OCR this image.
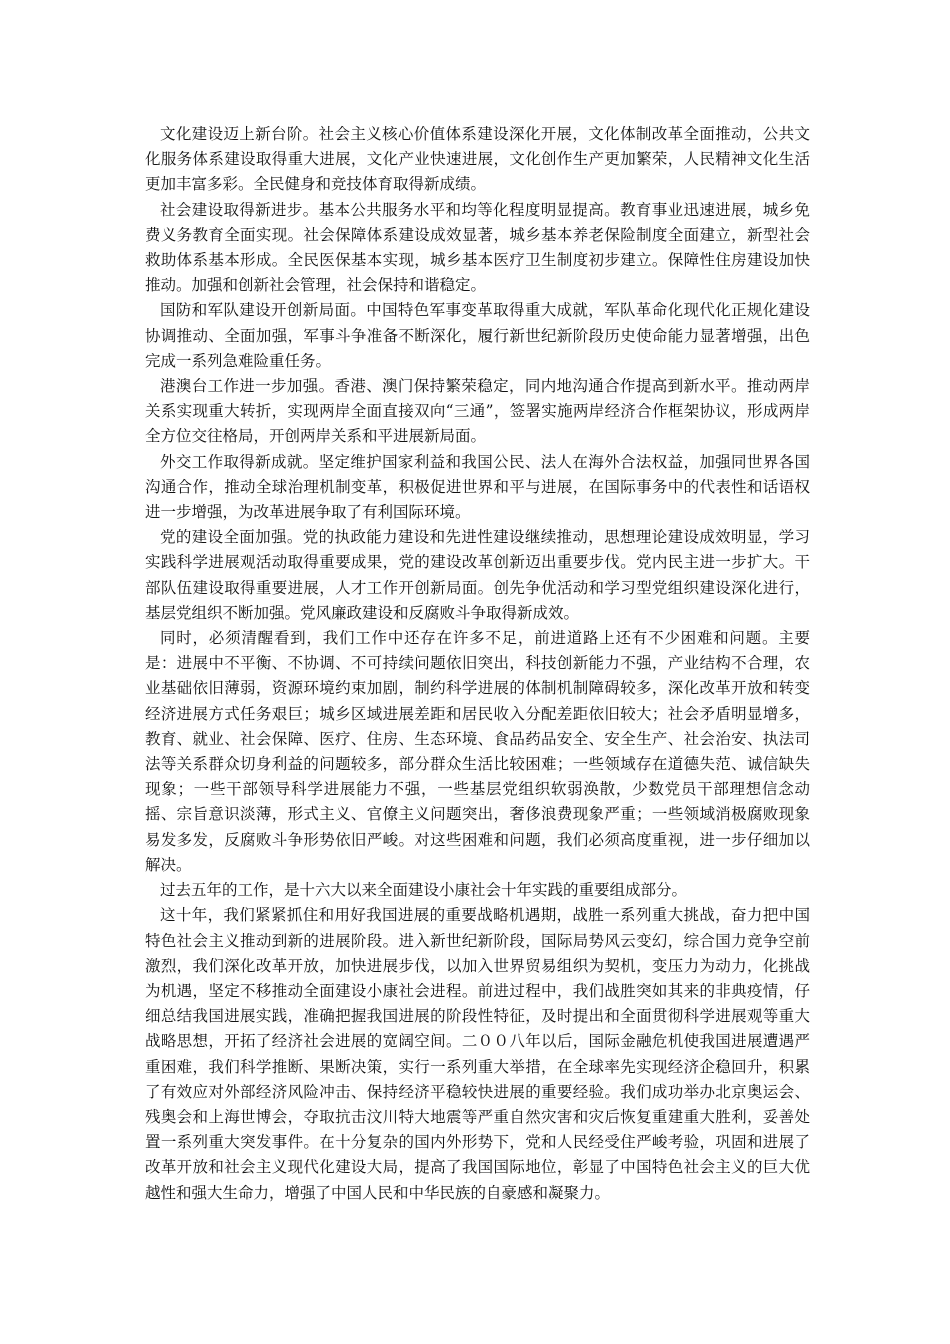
文化建设迈上新台阶。社会主义核心价值体系建设深化开展，文化体制改革全面推动，公共文化服务体系建设取得重大进展，文化产业快速进展，文化创作生产更加繁荣，人民精神文化生活更加丰富多彩。全民健身和竞技体育取得新成绩。

社会建设取得新进步。基本公共服务水平和均等化程度明显提高。教育事业迅速进展，城乡免费义务教育全面实现。社会保障体系建设成效显著，城乡基本养老保险制度全面建立，新型社会救助体系基本形成。全民医保基本实现，城乡基本医疗卫生制度初步建立。保障性住房建设加快推动。加强和创新社会管理，社会保持和谐稳定。

国防和军队建设开创新局面。中国特色军事变革取得重大成就，军队革命化现代化正规化建设协调推动、全面加强，军事斗争准备不断深化，履行新世纪新阶段历史使命能力显著增强，出色完成一系列急难险重任务。

港澳台工作进一步加强。香港、澳门保持繁荣稳定，同内地沟通合作提高到新水平。推动两岸关系实现重大转折，实现两岸全面直接双向“三通”，签署实施两岸经济合作框架协议，形成两岸全方位交往格局，开创两岸关系和平进展新局面。

外交工作取得新成就。坚定维护国家利益和我国公民、法人在海外合法权益，加强同世界各国沟通合作，推动全球治理机制变革，积极促进世界和平与进展，在国际事务中的代表性和话语权进一步增强，为改革进展争取了有利国际环境。

党的建设全面加强。党的执政能力建设和先进性建设继续推动，思想理论建设成效明显，学习实践科学进展观活动取得重要成果，党的建设改革创新迈出重要步伐。党内民主进一步扩大。干部队伍建设取得重要进展，人才工作开创新局面。创先争优活动和学习型党组织建设深化进行，基层党组织不断加强。党风廉政建设和反腐败斗争取得新成效。

同时，必须清醒看到，我们工作中还存在许多不足，前进道路上还有不少困难和问题。主要是：进展中不平衡、不协调、不可持续问题依旧突出，科技创新能力不强，产业结构不合理，农业基础依旧薄弱，资源环境约束加剧，制约科学进展的体制机制障碍较多，深化改革开放和转变经济进展方式任务艰巨；城乡区域进展差距和居民收入分配差距依旧较大；社会矛盾明显增多，教育、就业、社会保障、医疗、住房、生态环境、食品药品安全、安全生产、社会治安、执法司法等关系群众切身利益的问题较多，部分群众生活比较困难；一些领域存在道德失范、诚信缺失现象；一些干部领导科学进展能力不强，一些基层党组织软弱涣散，少数党员干部理想信念动摇、宗旨意识淡薄，形式主义、官僚主义问题突出，奢侈浪费现象严重；一些领域消极腐败现象易发多发，反腐败斗争形势依旧严峻。对这些困难和问题，我们必须高度重视，进一步仔细加以解决。

过去五年的工作，是十六大以来全面建设小康社会十年实践的重要组成部分。

这十年，我们紧紧抓住和用好我国进展的重要战略机遇期，战胜一系列重大挑战，奋力把中国特色社会主义推动到新的进展阶段。进入新世纪新阶段，国际局势风云变幻，综合国力竞争空前激烈，我们深化改革开放，加快进展步伐，以加入世界贸易组织为契机，变压力为动力，化挑战为机遇，坚定不移推动全面建设小康社会进程。前进过程中，我们战胜突如其来的非典疫情，仔细总结我国进展实践，准确把握我国进展的阶段性特征，及时提出和全面贯彻科学进展观等重大战略思想，开拓了经济社会进展的宽阔空间。二００八年以后，国际金融危机使我国进展遭遇严重困难，我们科学推断、果断决策，实行一系列重大举措，在全球率先实现经济企稳回升，积累了有效应对外部经济风险冲击、保持经济平稳较快进展的重要经验。我们成功举办北京奥运会、残奥会和上海世博会，夺取抗击汶川特大地震等严重自然灾害和灾后恢复重建重大胜利，妥善处置一系列重大突发事件。在十分复杂的国内外形势下，党和人民经受住严峻考验，巩固和进展了改革开放和社会主义现代化建设大局，提高了我国国际地位，彰显了中国特色社会主义的巨大优越性和强大生命力，增强了中国人民和中华民族的自豪感和凝聚力。
